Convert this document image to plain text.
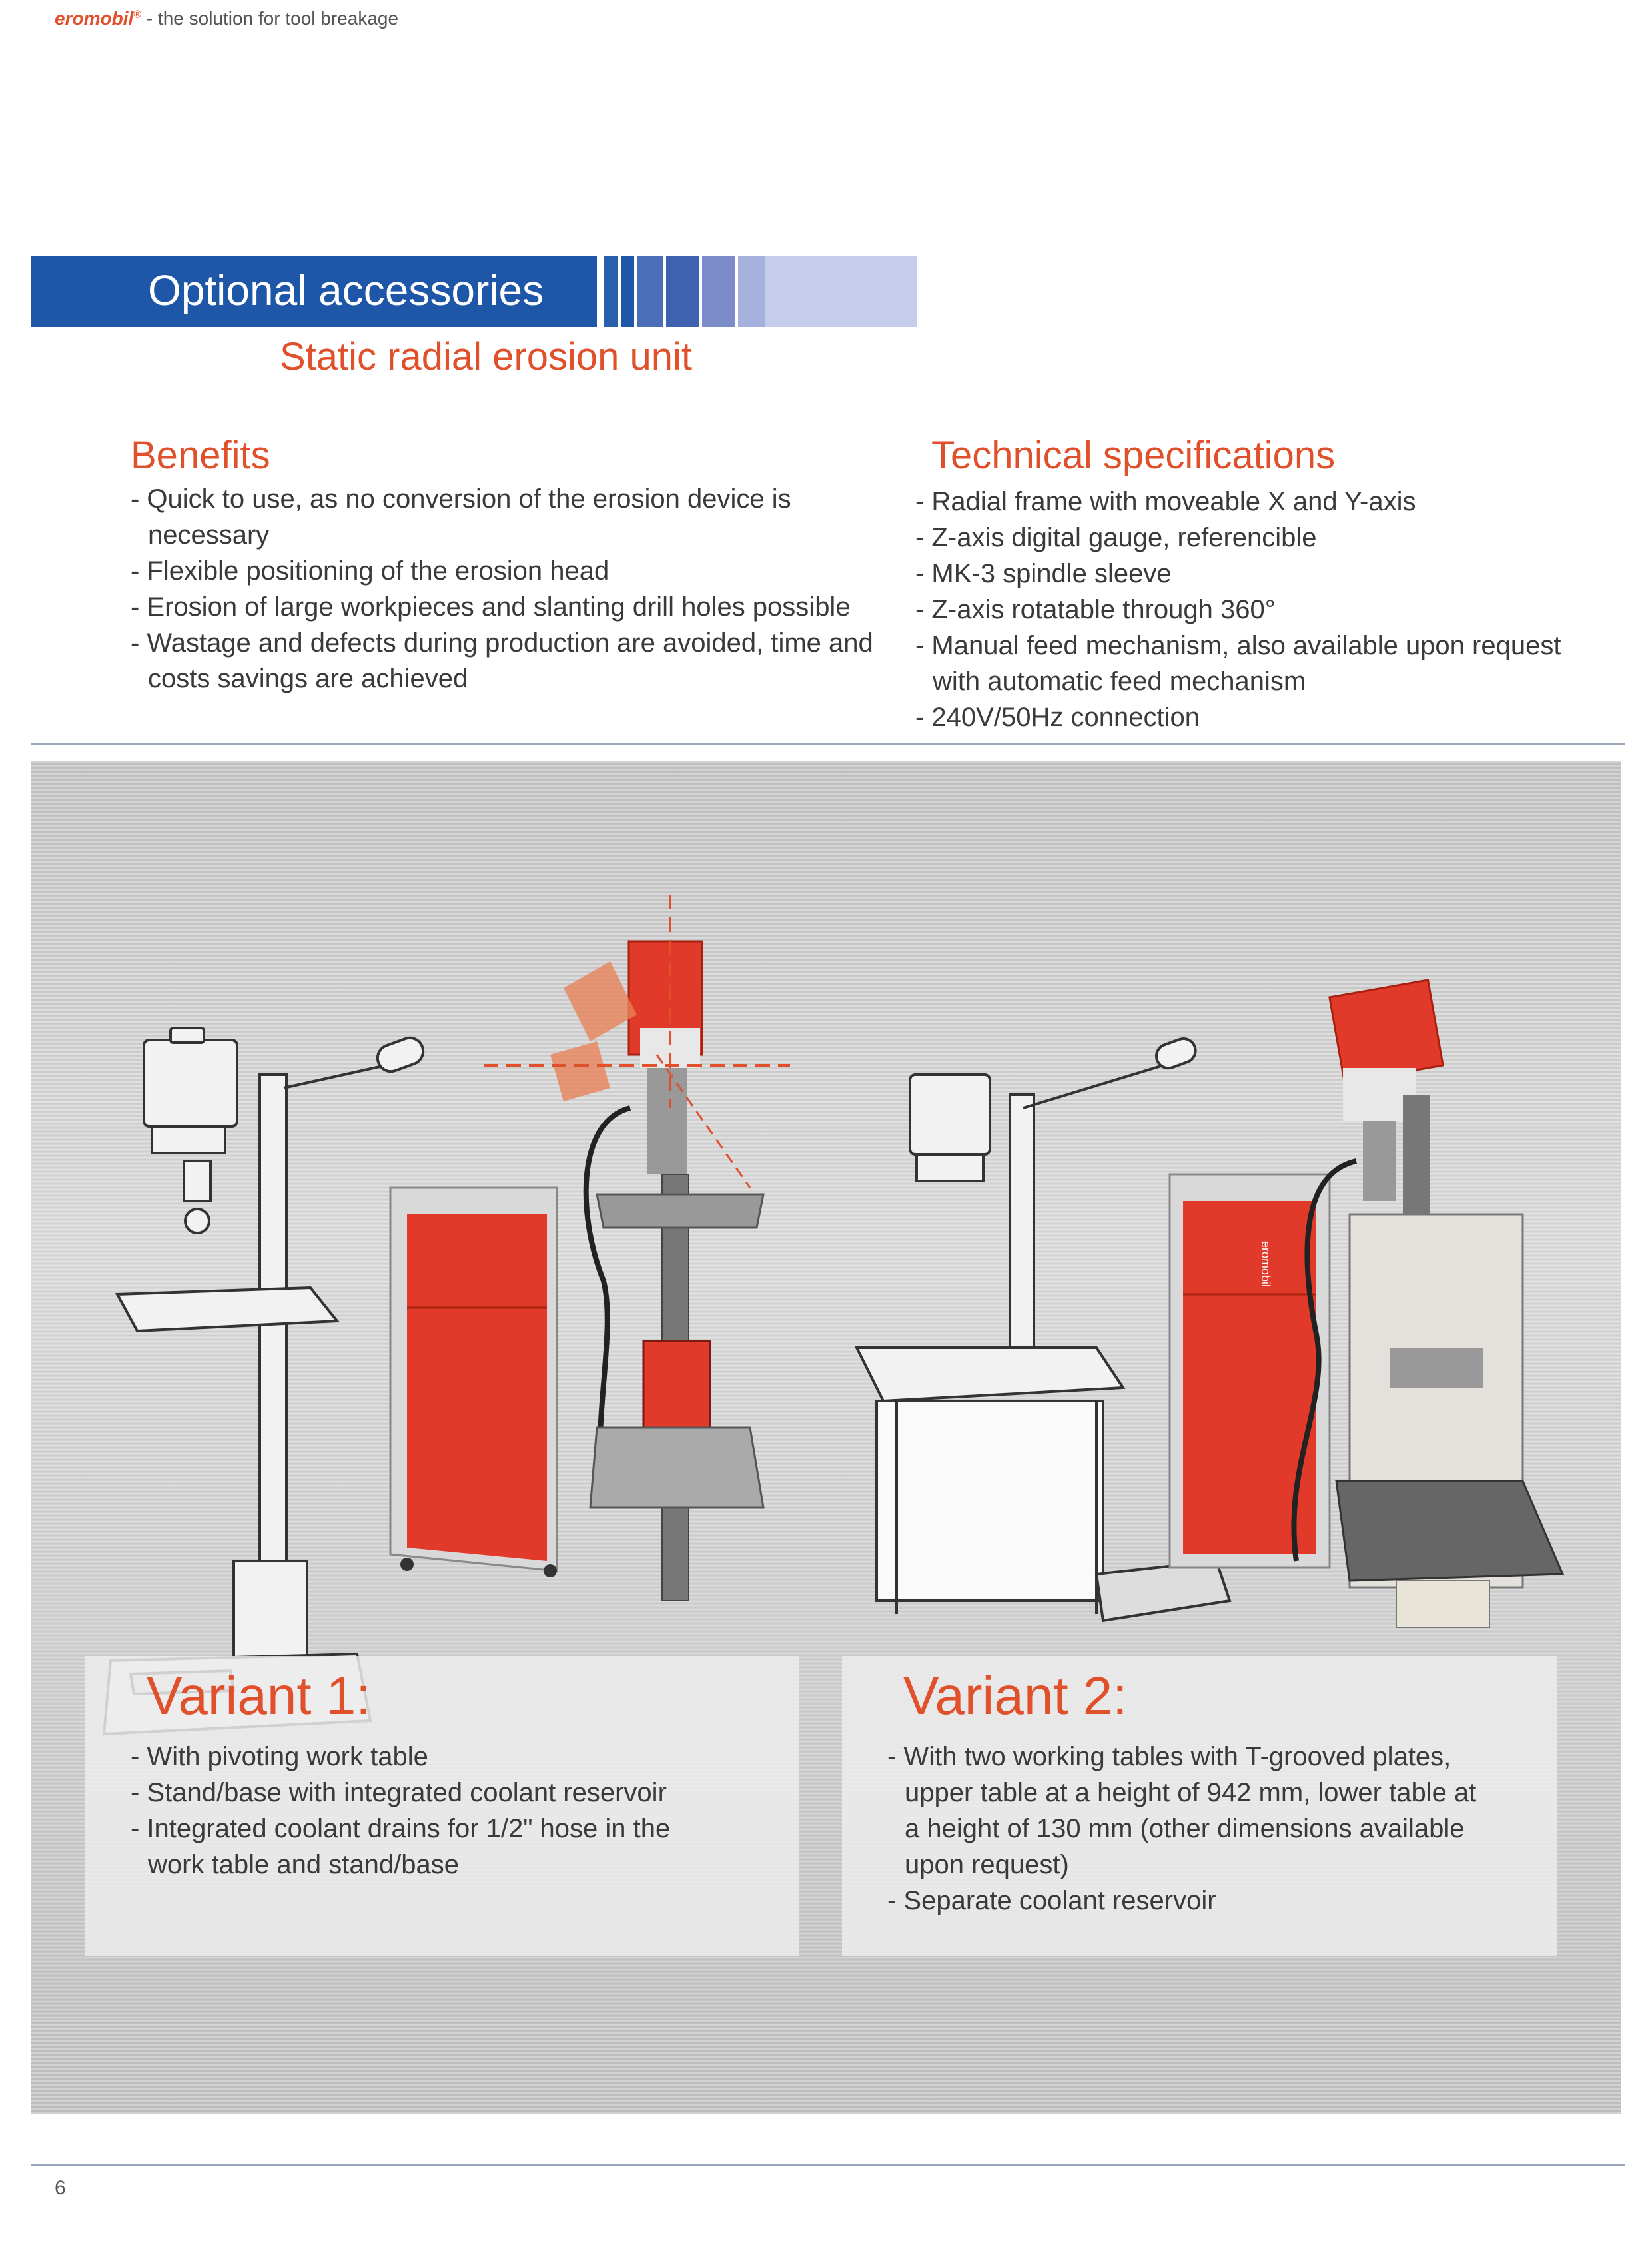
eromobil® - the solution for tool breakage
Optional accessories
Static radial erosion unit
Benefits
- Quick to use, as no conversion of the erosion device is necessary
- Flexible positioning of the erosion head
- Erosion of large workpieces and slanting drill holes possible
- Wastage and defects during production are avoided, time and costs savings are achieved
Technical specifications
- Radial frame with moveable X and Y-axis
- Z-axis digital gauge, referencible
- MK-3 spindle sleeve
- Z-axis rotatable through 360°
- Manual feed mechanism, also available upon request with automatic feed mechanism
- 240V/50Hz connection
eromobil
Variant 1:
- With pivoting work table
- Stand/base with integrated coolant reservoir
- Integrated coolant drains for 1/2" hose in the work table and stand/base
Variant 2:
- With two working tables with T-grooved plates, upper table at a height of 942 mm, lower table at a height of 130 mm (other dimensions available upon request)
- Separate coolant reservoir
6
